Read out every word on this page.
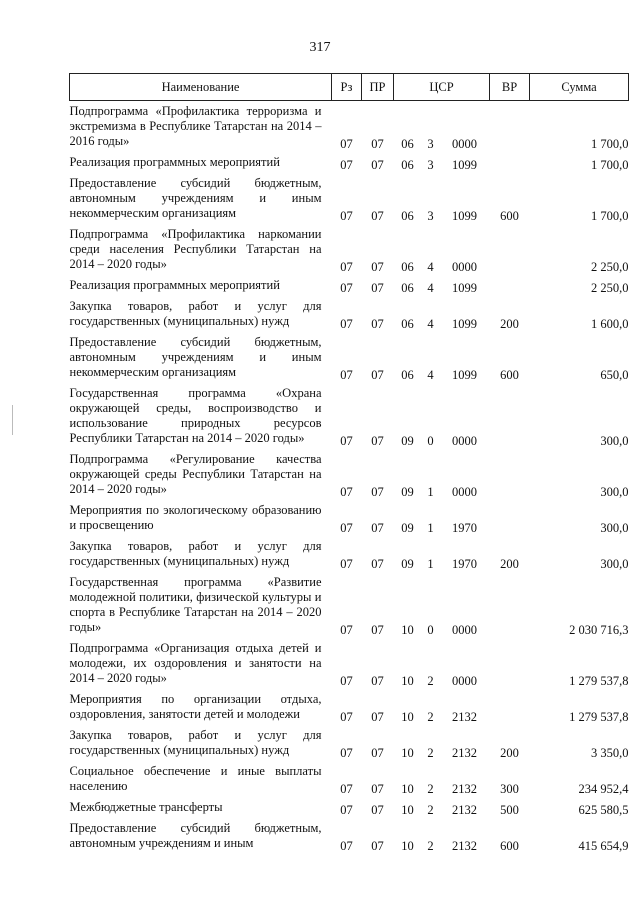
317
Наименование	Рз	ПР	ЦСР			ВР	Сумма
Подпрограмма «Профилактика терроризма и экстремизма в Республике Татарстан на 2014 – 2016 годы»	07	07	06	3	0000		1 700,0
Реализация программных мероприятий	07	07	06	3	1099		1 700,0
Предоставление субсидий бюджетным, автономным учреждениям и иным некоммерческим организациям	07	07	06	3	1099	600	1 700,0
Подпрограмма «Профилактика наркомании среди населения Республики Татарстан на 2014 – 2020 годы»	07	07	06	4	0000		2 250,0
Реализация программных мероприятий	07	07	06	4	1099		2 250,0
Закупка товаров, работ и услуг для государственных (муниципальных) нужд	07	07	06	4	1099	200	1 600,0
Предоставление субсидий бюджетным, автономным учреждениям и иным некоммерческим организациям	07	07	06	4	1099	600	650,0
Государственная программа «Охрана окружающей среды, воспроизводство и использование природных ресурсов Республики Татарстан на 2014 – 2020 годы»	07	07	09	0	0000		300,0
Подпрограмма «Регулирование качества окружающей среды Республики Татарстан на 2014 – 2020 годы»	07	07	09	1	0000		300,0
Мероприятия по экологическому образованию и просвещению	07	07	09	1	1970		300,0
Закупка товаров, работ и услуг для государственных (муниципальных) нужд	07	07	09	1	1970	200	300,0
Государственная программа «Развитие молодежной политики, физической культуры и спорта в Республике Татарстан на 2014 – 2020 годы»	07	07	10	0	0000		2 030 716,3
Подпрограмма «Организация отдыха детей и молодежи, их оздоровления и занятости на 2014 – 2020 годы»	07	07	10	2	0000		1 279 537,8
Мероприятия по организации отдыха, оздоровления, занятости детей и молодежи	07	07	10	2	2132		1 279 537,8
Закупка товаров, работ и услуг для государственных (муниципальных) нужд	07	07	10	2	2132	200	3 350,0
Социальное обеспечение и иные выплаты населению	07	07	10	2	2132	300	234 952,4
Межбюджетные трансферты	07	07	10	2	2132	500	625 580,5
Предоставление субсидий бюджетным, автономным учреждениям и иным	07	07	10	2	2132	600	415 654,9
